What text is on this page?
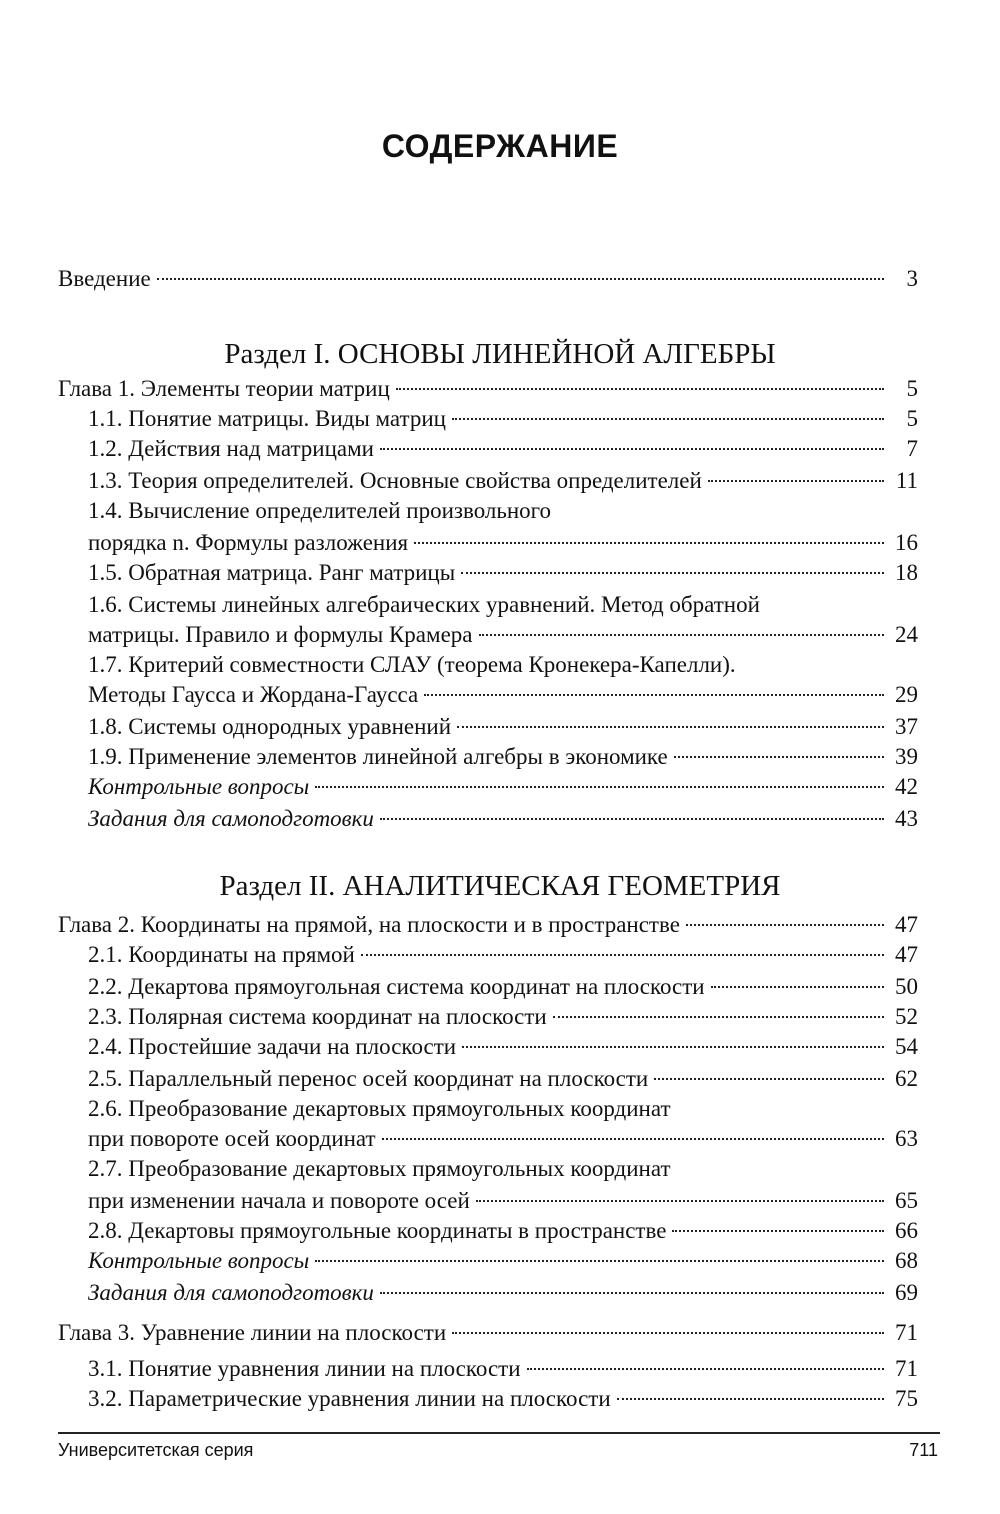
СОДЕРЖАНИЕ
Введение	3
Раздел I. ОСНОВЫ ЛИНЕЙНОЙ АЛГЕБРЫ
Глава 1. Элементы теории матриц	5
1.1. Понятие матрицы. Виды матриц	5
1.2. Действия над матрицами	7
1.3. Теория определителей. Основные свойства определителей	11
1.4. Вычисление определителей произвольного
порядка n. Формулы разложения	16
1.5. Обратная матрица. Ранг матрицы	18
1.6. Системы линейных алгебраических уравнений. Метод обратной
матрицы. Правило и формулы Крамера	24
1.7. Критерий совместности СЛАУ (теорема Кронекера-Капелли).
Методы Гаусса и Жордана-Гаусса	29
1.8. Системы однородных уравнений	37
1.9. Применение элементов линейной алгебры в экономике	39
Контрольные вопросы	42
Задания для самоподготовки	43
Раздел II. АНАЛИТИЧЕСКАЯ ГЕОМЕТРИЯ
Глава 2. Координаты на прямой, на плоскости и в пространстве	47
2.1. Координаты на прямой	47
2.2. Декартова прямоугольная система координат на плоскости	50
2.3. Полярная система координат на плоскости	52
2.4. Простейшие задачи на плоскости	54
2.5. Параллельный перенос осей координат на плоскости	62
2.6. Преобразование декартовых прямоугольных координат
при повороте осей координат	63
2.7. Преобразование декартовых прямоугольных координат
при изменении начала и повороте осей	65
2.8. Декартовы прямоугольные координаты в пространстве	66
Контрольные вопросы	68
Задания для самоподготовки	69
Глава 3. Уравнение линии на плоскости	71
3.1. Понятие уравнения линии на плоскости	71
3.2. Параметрические уравнения линии на плоскости	75
Университетская серия	711
